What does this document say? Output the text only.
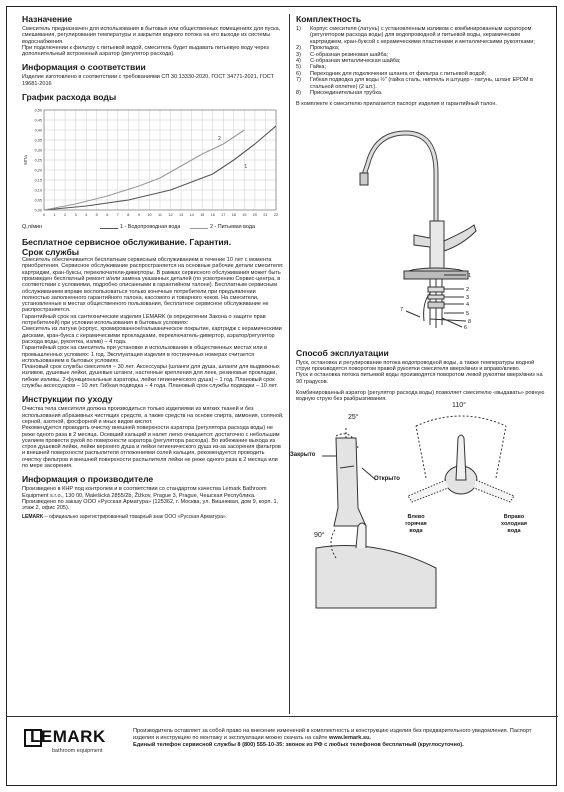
Назначение

Смеситель предназначен для использования в бытовых или общественных помещениях для пуска, смешивания, регулирования температуры и закрытия водного потока на его выходе из системы водоснабжения.

При подключении к фильтру с питьевой водой, смеситель будет выдавать питьевую воду через дополнительный встроенный аэратор (регулятор расхода).

Информация о соответствии

Изделие изготовлено в соответствии с требованиями СП 30.13330-2020, ГОСТ 34771-2021, ГОСТ 19681-2016

График расхода воды
0,50
0,45
0,40
0,35
0,30
0,25
0,20
0,15
0,10
0,05
0,00
0 1 2 3 4 5 6 7 8 9 10 11 12 13 14 15 16 17 18 19 20 21 22
МПа
1
2
Q,л/мин	1 - Водопроводная вода	2 - Питьевая вода
Бесплатное сервисное обслуживание. Гарантия.
Срок службы

Смеситель обеспечивается бесплатным сервисным обслуживанием в течение 10 лет с момента приобретения. Сервисное обслуживание распространяется на основные рабочие детали смесителя: картриджи, кран-буксы, переключатели-диверторы. В рамках сервисного обслуживания может быть произведен бесплатный ремонт и/или замена указанных деталей (по усмотрению Сервис-центра, в соответствии с условиями, подробно описанными в гарантийном талоне). Бесплатным сервисным обслуживанием вправе воспользоваться только конечные потребители при предъявлении полностью заполненного гарантийного талона, кассового и товарного чеков. На смесители, установленные в местах общественного пользования, бесплатное сервисное обслуживание не распространяется.

Гарантийный срок на сантехнические изделия LEMARK (в определении Закона о защите прав потребителей) при условии использования в бытовых условиях:

Смеситель из латуни (корпус, хромированное/гальваническое покрытие, картридж с керамическими дисками, кран-букса с керамическими прокладками, переключатель-дивертор, аэратор/регулятор расхода воды, рукоятка, излив) – 4 года.

Гарантийный срок на смеситель при установке и использовании в общественных местах или в промышленных условиях: 1 год. Эксплуатация изделия в гостиничных номерах считается использованием в бытовых условиях.

Плановый срок службы смесителя – 30 лет. Аксессуары (шланги для душа, шланги для выдвижных изливов, душевые лейки, душевые штанги, настенные крепления для леек, резиновые прокладки, гибкие изливы, 2-функциональные аэраторы, лейки гигиенического душа) – 1 год. Плановый срок службы аксессуаров – 10 лет. Гибкая подводка – 4 года. Плановый срок службы подводки – 10 лет.

Инструкции по уходу

Очистка тела смесителя должна производиться только изделиями из мягких тканей и без использования абразивных чистящих средств, а также средств на основе спирта, аммония, соляной, серной, азотной, фосфорной и иных видов кислот.

Рекомендуется проводить очистку внешней поверхности аэратора (регулятора расхода воды) не реже одного раза в 2 месяца. Осевший кальций и налет легко очищается: достаточно с небольшим усилием провести рукой по поверхности аэратора (регулятора расхода). Во избежание выхода из строя душевой лейки, лейки верхнего душа и лейки гигиенического душа из-за засорения фильтров и внешней поверхности распылителя отложениями солей кальция, рекомендуется проводить очистку фильтров и внешней поверхности распылителя лейки не реже одного раза в 2 месяца или по мере засорения.

Информация о производителе

Произведено в КНР под контролем и в соответствии со стандартом качества Lemark Bathroom Equipment s.r.o., 130 00, Malešická 2855/2b, Žižkov, Prague 3, Prague, Чешская Республика.

Произведено по заказу ООО «Русская Арматура» (125362, г. Москва, ул. Вишневая, дом 9, корп. 1, этаж 2, офис 205).

LEMARK – официально зарегистрированный товарный знак ООО «Русская Арматура».

Комплектность
1)	Корпус смесителя (латунь) с установленным изливом с комбинированным аэратором (регулятором расхода воды) для водопроводной и питьевой воды, керамическим картриджем, кран-буксой с керамическими пластинами и металлическими рукоятками;
2)	Прокладка;
3)	С-образная резиновая шайба;
4)	С-образная металлическая шайба;
5)	Гайка;
6)	Переходник для подключения шланга от фильтра с питьевой водой;
7)	Гибкая подводка для воды ½" (гайка сталь, ниппель и штуцер - латунь, шланг EPDM в стальной оплетке) (2 шт.).
8)	Присоединительная трубка.

В комплекте к смесителю прилагается паспорт изделия и гарантийный талон.

1
2
3
4
5
6
7
8
Способ эксплуатации

Пуск, остановка и регулирование потока водопроводной воды, а также температуры водной струи производятся поворотом правой рукоятки смесителя вверх/вниз и вправо/влево.

Пуск и остановка потока питьевой воды производятся поворотом левой рукоятки вверх/вниз на 90 градусов.

Комбинированный аэратор (регулятор расхода воды) позволяет смесителю «выдавать» ровную водную струю без разбрызгивания.

25°
Закрыто
Открыто
110°
Влево горячая вода
Вправо холодная вода
90°
LEMARK
bathroom equipment
Производитель оставляет за собой право на внесение изменений в комплектность и конструкцию изделия без предварительного уведомления. Паспорт изделия и инструкцию по монтажу и эксплуатации можно скачать на сайте www.lemark.su.
Единый телефон сервисной службы 8 (800) 555-10-35: звонок из РФ с любых телефонов бесплатный (круглосуточно).
